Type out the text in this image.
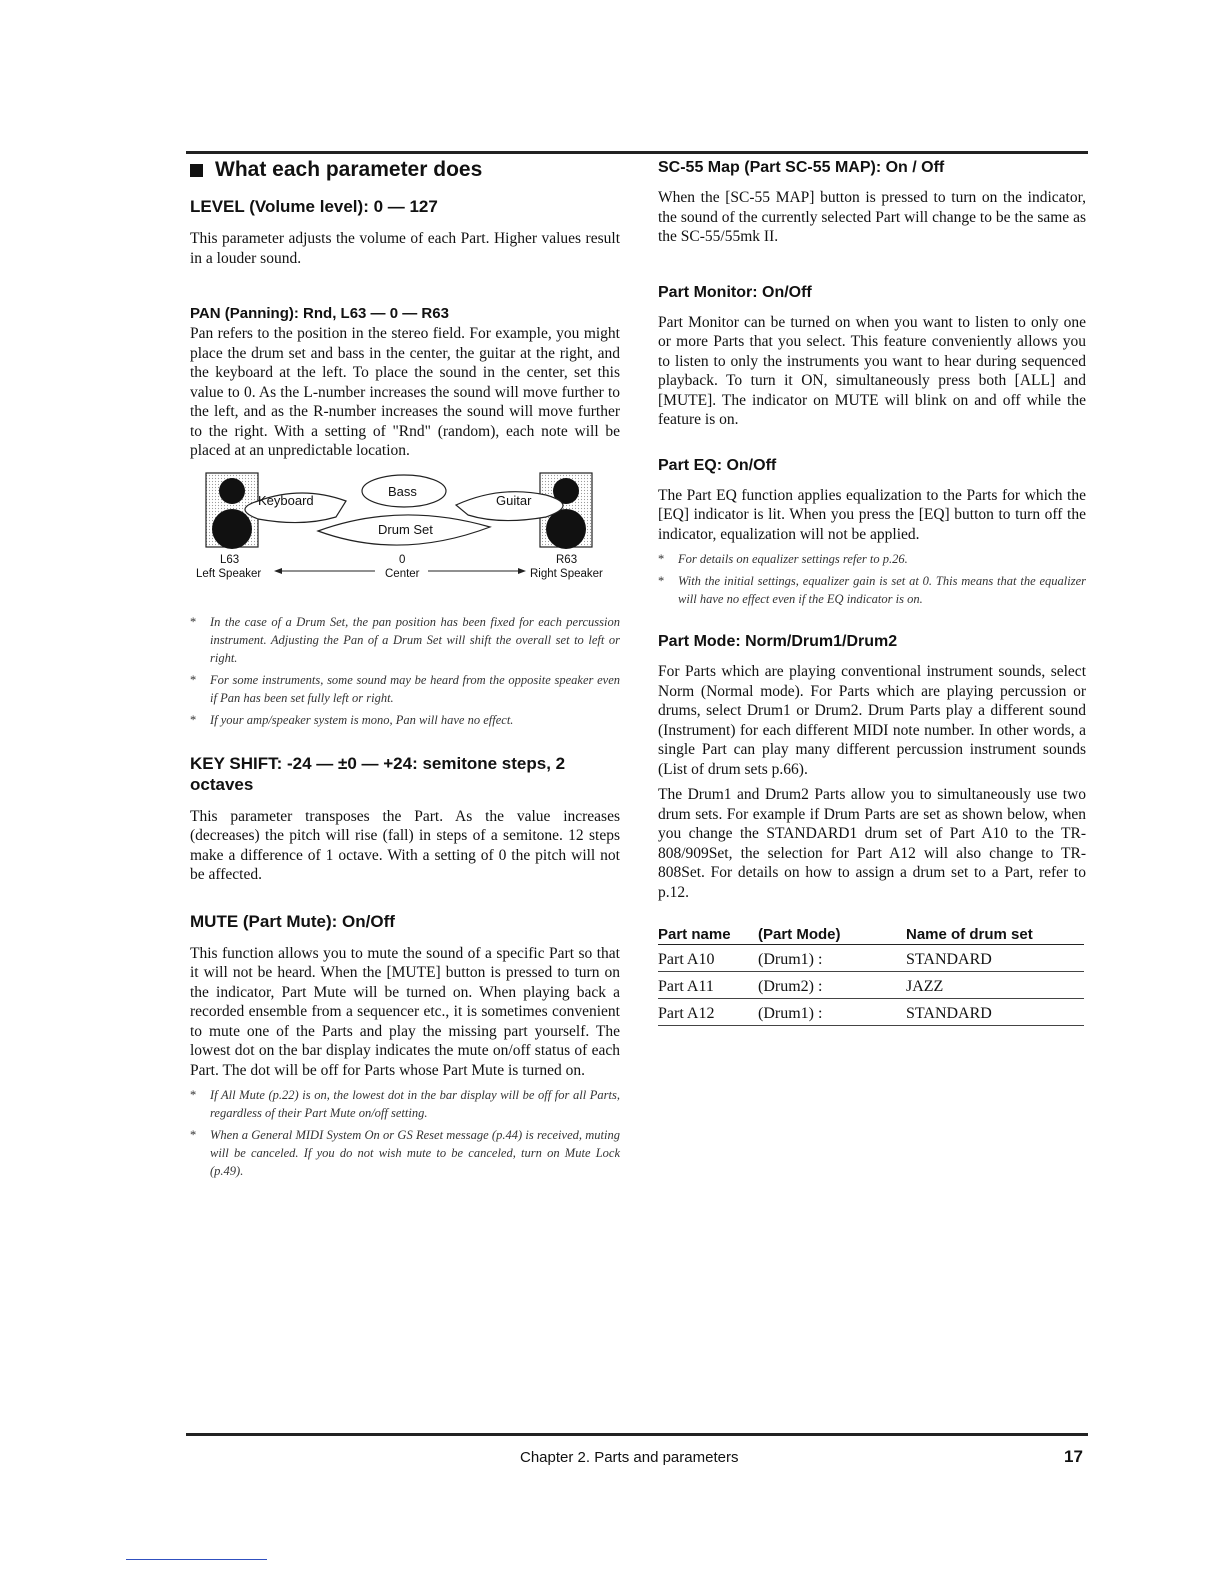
What each parameter does
LEVEL (Volume level): 0 — 127

This parameter adjusts the volume of each Part. Higher values result in a louder sound.

PAN (Panning): Rnd, L63 — 0 — R63

Pan refers to the position in the stereo field. For example, you might place the drum set and bass in the center, the guitar at the right, and the keyboard at the left. To place the sound in the center, set this value to 0. As the L-number increases the sound will move further to the left, and as the R-number increases the sound will move further to the right. With a setting of "Rnd" (random), each note will be placed at an unpredictable location.

Keyboard
Bass
Guitar
Drum Set
L63
Left Speaker
0
Center
R63
Right Speaker
* In the case of a Drum Set, the pan position has been fixed for each percussion instrument. Adjusting the Pan of a Drum Set will shift the overall set to left or right.
* For some instruments, some sound may be heard from the opposite speaker even if Pan has been set fully left or right.
* If your amp/speaker system is mono, Pan will have no effect.
KEY SHIFT: -24 — ±0 — +24: semitone steps, 2 octaves

This parameter transposes the Part. As the value increases (decreases) the pitch will rise (fall) in steps of a semitone. 12 steps make a difference of 1 octave. With a setting of 0 the pitch will not be affected.

MUTE (Part Mute): On/Off

This function allows you to mute the sound of a specific Part so that it will not be heard. When the [MUTE] button is pressed to turn on the indicator, Part Mute will be turned on. When playing back a recorded ensemble from a sequencer etc., it is sometimes convenient to mute one of the Parts and play the missing part yourself. The lowest dot on the bar display indicates the mute on/off status of each Part. The dot will be off for Parts whose Part Mute is turned on.

* If All Mute (p.22) is on, the lowest dot in the bar display will be off for all Parts, regardless of their Part Mute on/off setting.
* When a General MIDI System On or GS Reset message (p.44) is received, muting will be canceled. If you do not wish mute to be canceled, turn on Mute Lock (p.49).
SC-55 Map (Part SC-55 MAP): On / Off

When the [SC-55 MAP] button is pressed to turn on the indicator, the sound of the currently selected Part will change to be the same as the SC-55/55mk II.

Part Monitor: On/Off

Part Monitor can be turned on when you want to listen to only one or more Parts that you select. This feature conveniently allows you to listen to only the instruments you want to hear during sequenced playback. To turn it ON, simultaneously press both [ALL] and [MUTE]. The indicator on MUTE will blink on and off while the feature is on.

Part EQ: On/Off

The Part EQ function applies equalization to the Parts for which the [EQ] indicator is lit. When you press the [EQ] button to turn off the indicator, equalization will not be applied.

* For details on equalizer settings refer to p.26.
* With the initial settings, equalizer gain is set at 0. This means that the equalizer will have no effect even if the EQ indicator is on.
Part Mode: Norm/Drum1/Drum2

For Parts which are playing conventional instrument sounds, select Norm (Normal mode). For Parts which are playing percussion or drums, select Drum1 or Drum2. Drum Parts play a different sound (Instrument) for each different MIDI note number. In other words, a single Part can play many different percussion instrument sounds (List of drum sets p.66).

The Drum1 and Drum2 Parts allow you to simultaneously use two drum sets. For example if Drum Parts are set as shown below, when you change the STANDARD1 drum set of Part A10 to the TR-808/909Set, the selection for Part A12 will also change to TR-808Set. For details on how to assign a drum set to a Part, refer to p.12.

Part name	(Part Mode)	Name of drum set
Part A10	(Drum1) :	STANDARD
Part A11	(Drum2) :	JAZZ
Part A12	(Drum1) :	STANDARD
Chapter 2. Parts and parameters	17
